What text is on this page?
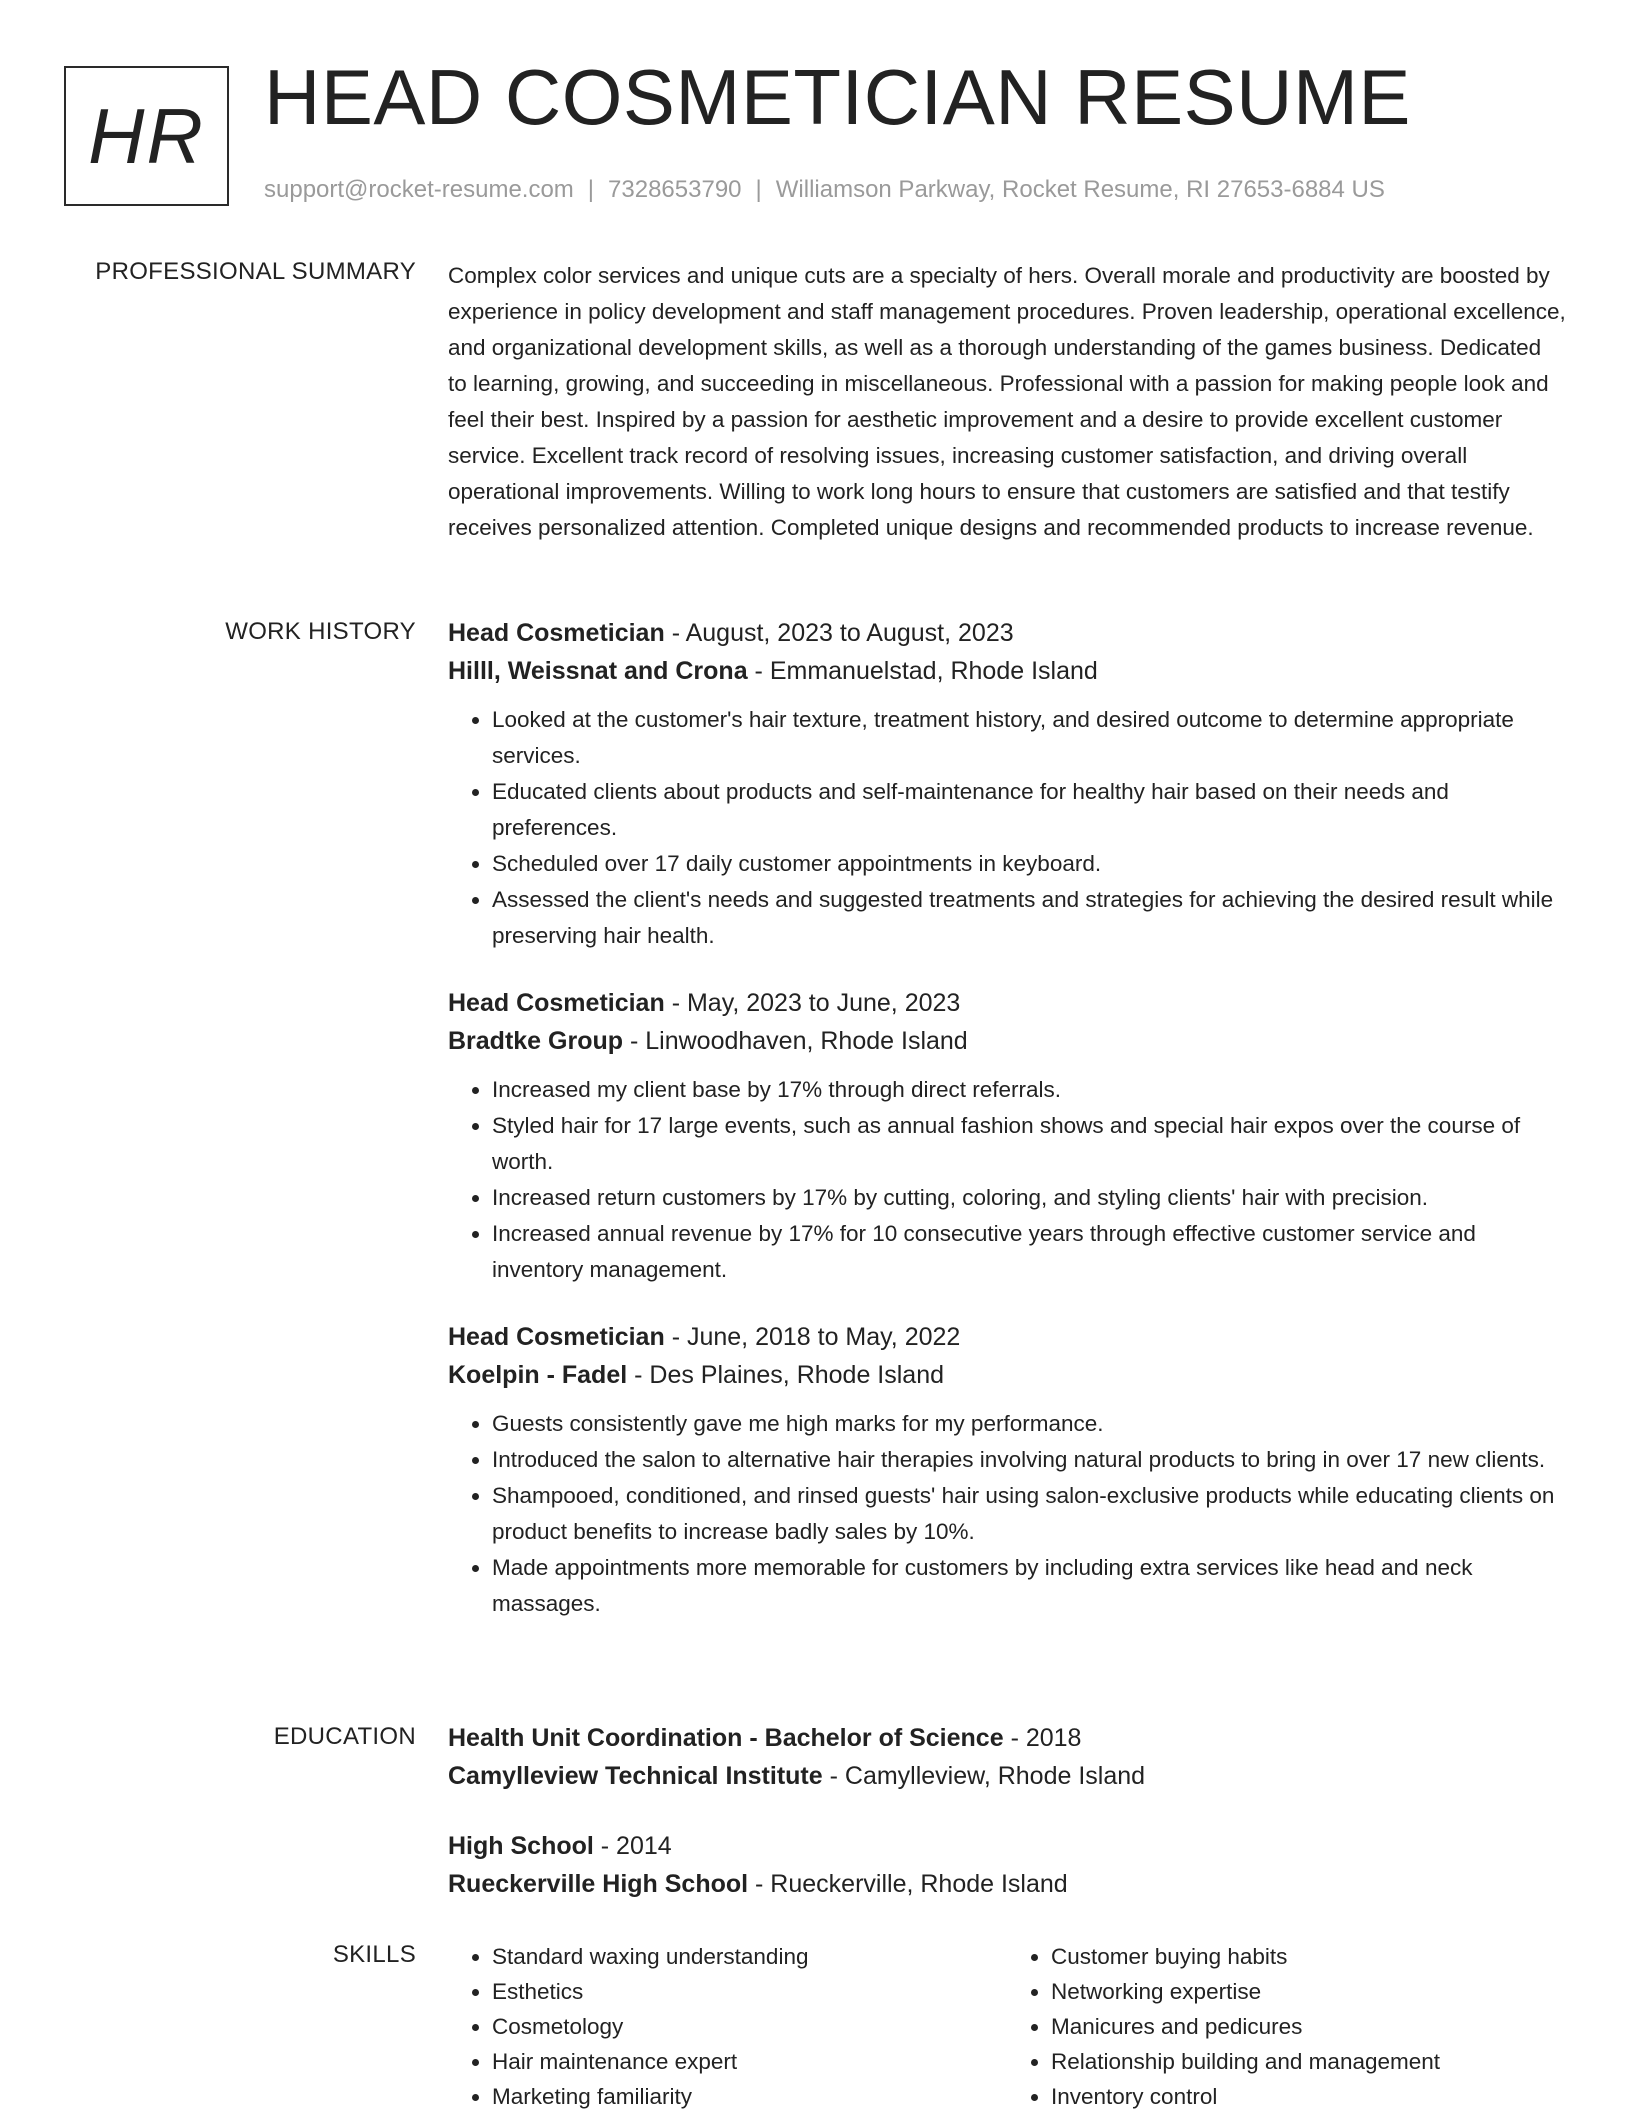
HR HEAD COSMETICIAN RESUME
support@rocket-resume.com | 7328653790 | Williamson Parkway, Rocket Resume, RI 27653-6884 US
PROFESSIONAL SUMMARY Complex color services and unique cuts are a specialty of hers. Overall morale and productivity are boosted by experience in policy development and staff management procedures. Proven leadership, operational excellence, and organizational development skills, as well as a thorough understanding of the games business. Dedicated to learning, growing, and succeeding in miscellaneous. Professional with a passion for making people look and feel their best. Inspired by a passion for aesthetic improvement and a desire to provide excellent customer service. Excellent track record of resolving issues, increasing customer satisfaction, and driving overall operational improvements. Willing to work long hours to ensure that customers are satisfied and that testify receives personalized attention. Completed unique designs and recommended products to increase revenue.

WORK HISTORY Head Cosmetician - August, 2023 to August, 2023
Hilll, Weissnat and Crona - Emmanuelstad, Rhode Island
• Looked at the customer's hair texture, treatment history, and desired outcome to determine appropriate services.
• Educated clients about products and self-maintenance for healthy hair based on their needs and preferences.
• Scheduled over 17 daily customer appointments in keyboard.
• Assessed the client's needs and suggested treatments and strategies for achieving the desired result while preserving hair health.
Head Cosmetician - May, 2023 to June, 2023
Bradtke Group - Linwoodhaven, Rhode Island
• Increased my client base by 17% through direct referrals.
• Styled hair for 17 large events, such as annual fashion shows and special hair expos over the course of worth.
• Increased return customers by 17% by cutting, coloring, and styling clients' hair with precision.
• Increased annual revenue by 17% for 10 consecutive years through effective customer service and inventory management.
Head Cosmetician - June, 2018 to May, 2022
Koelpin - Fadel - Des Plaines, Rhode Island
• Guests consistently gave me high marks for my performance.
• Introduced the salon to alternative hair therapies involving natural products to bring in over 17 new clients.
• Shampooed, conditioned, and rinsed guests' hair using salon-exclusive products while educating clients on product benefits to increase badly sales by 10%.
• Made appointments more memorable for customers by including extra services like head and neck massages.
EDUCATION Health Unit Coordination - Bachelor of Science - 2018
Camylleview Technical Institute - Camylleview, Rhode Island
High School - 2014
Rueckerville High School - Rueckerville, Rhode Island
SKILLS
•	Standard waxing understanding
• Esthetics
• Cosmetology
• Hair maintenance expert
• Marketing familiarity
• Customer buying habits
• Networking expertise
• Manicures and pedicures
• Relationship building and management
• Inventory control
